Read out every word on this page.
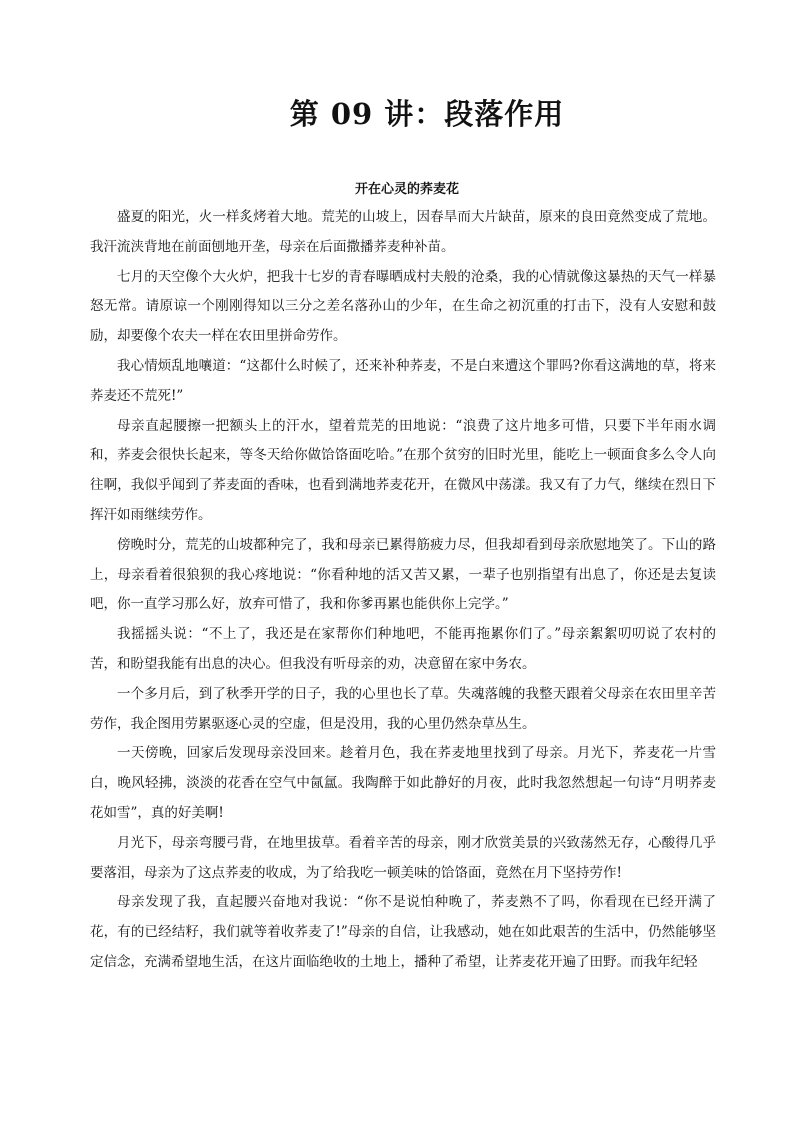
第 09 讲：段落作用
开在心灵的荞麦花

盛夏的阳光，火一样炙烤着大地。荒芜的山坡上，因春旱而大片缺苗，原来的良田竟然变成了荒地。我汗流浃背地在前面刨地开垄，母亲在后面撒播荞麦种补苗。

七月的天空像个大火炉，把我十七岁的青春曝晒成村夫般的沧桑，我的心情就像这暴热的天气一样暴怒无常。请原谅一个刚刚得知以三分之差名落孙山的少年，在生命之初沉重的打击下，没有人安慰和鼓励，却要像个农夫一样在农田里拼命劳作。

我心情烦乱地嚷道：“这都什么时候了，还来补种荞麦，不是白来遭这个罪吗?你看这满地的草，将来荞麦还不荒死!”

母亲直起腰擦一把额头上的汗水，望着荒芜的田地说：“浪费了这片地多可惜，只要下半年雨水调和，荞麦会很快长起来，等冬天给你做饸饹面吃哈。”在那个贫穷的旧时光里，能吃上一顿面食多么令人向往啊，我似乎闻到了荞麦面的香味，也看到满地荞麦花开，在微风中荡漾。我又有了力气，继续在烈日下挥汗如雨继续劳作。

傍晚时分，荒芜的山坡都种完了，我和母亲已累得筋疲力尽，但我却看到母亲欣慰地笑了。下山的路上，母亲看着很狼狈的我心疼地说：“你看种地的活又苦又累，一辈子也别指望有出息了，你还是去复读吧，你一直学习那么好，放弃可惜了，我和你爹再累也能供你上完学。”

我摇摇头说：“不上了，我还是在家帮你们种地吧，不能再拖累你们了。”母亲絮絮叨叨说了农村的苦，和盼望我能有出息的决心。但我没有听母亲的劝，决意留在家中务农。

一个多月后，到了秋季开学的日子，我的心里也长了草。失魂落魄的我整天跟着父母亲在农田里辛苦劳作，我企图用劳累驱逐心灵的空虚，但是没用，我的心里仍然杂草丛生。

一天傍晚，回家后发现母亲没回来。趁着月色，我在荞麦地里找到了母亲。月光下，荞麦花一片雪白，晚风轻拂，淡淡的花香在空气中氤氲。我陶醉于如此静好的月夜，此时我忽然想起一句诗“月明荞麦花如雪”，真的好美啊!

月光下，母亲弯腰弓背，在地里拔草。看着辛苦的母亲，刚才欣赏美景的兴致荡然无存，心酸得几乎要落泪，母亲为了这点荞麦的收成，为了给我吃一顿美味的饸饹面，竟然在月下坚持劳作!

母亲发现了我，直起腰兴奋地对我说：“你不是说怕种晚了，荞麦熟不了吗，你看现在已经开满了花，有的已经结籽，我们就等着收荞麦了!”母亲的自信，让我感动，她在如此艰苦的生活中，仍然能够坚定信念，充满希望地生活，在这片面临绝收的土地上，播种了希望，让荞麦花开遍了田野。而我年纪轻
